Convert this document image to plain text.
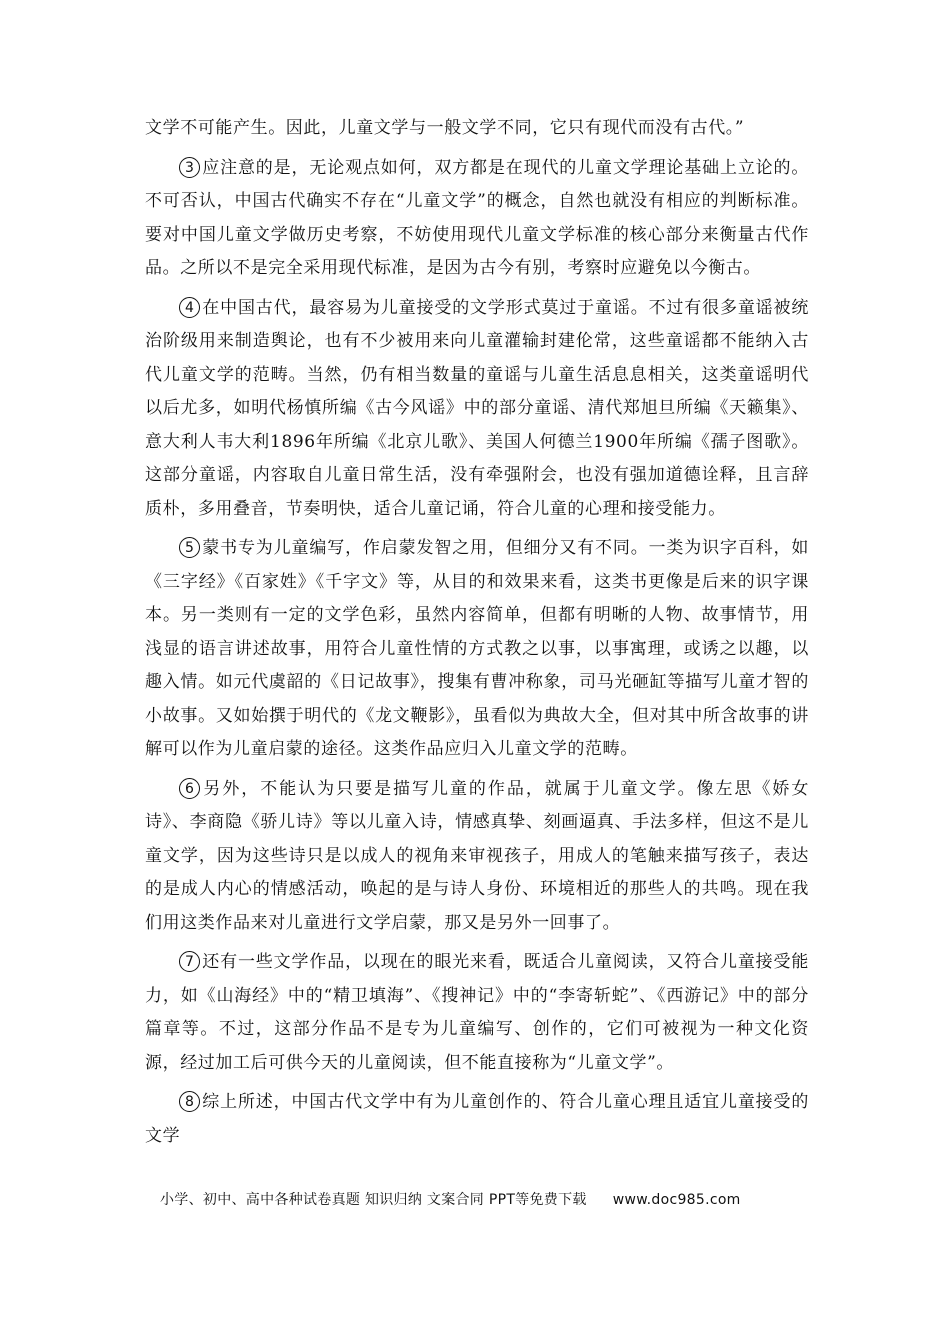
文学不可能产生。因此，儿童文学与一般文学不同，它只有现代而没有古代。”

3 应注意的是，无论观点如何，双方都是在现代的儿童文学理论基础上立论的。不可否认，中国古代确实不存在“儿童文学”的概念，自然也就没有相应的判断标准。要对中国儿童文学做历史考察，不妨使用现代儿童文学标准的核心部分来衡量古代作品。之所以不是完全采用现代标准，是因为古今有别，考察时应避免以今衡古。

4 在中国古代，最容易为儿童接受的文学形式莫过于童谣。不过有很多童谣被统治阶级用来制造舆论，也有不少被用来向儿童灌输封建伦常，这些童谣都不能纳入古代儿童文学的范畴。当然，仍有相当数量的童谣与儿童生活息息相关，这类童谣明代以后尤多，如明代杨慎所编《古今风谣》中的部分童谣、清代郑旭旦所编《天籁集》、意大利人韦大利1896年所编《北京儿歌》、美国人何德兰1900年所编《孺子图歌》。这部分童谣，内容取自儿童日常生活，没有牵强附会，也没有强加道德诠释，且言辞质朴，多用叠音，节奏明快，适合儿童记诵，符合儿童的心理和接受能力。

5 蒙书专为儿童编写，作启蒙发智之用，但细分又有不同。一类为识字百科，如《三字经》《百家姓》《千字文》等，从目的和效果来看，这类书更像是后来的识字课本。另一类则有一定的文学色彩，虽然内容简单，但都有明晰的人物、故事情节，用浅显的语言讲述故事，用符合儿童性情的方式教之以事，以事寓理，或诱之以趣，以趣入情。如元代虞韶的《日记故事》，搜集有曹冲称象，司马光砸缸等描写儿童才智的小故事。又如始撰于明代的《龙文鞭影》，虽看似为典故大全，但对其中所含故事的讲解可以作为儿童启蒙的途径。这类作品应归入儿童文学的范畴。

6 另外，不能认为只要是描写儿童的作品，就属于儿童文学。像左思《娇女诗》、李商隐《骄儿诗》等以儿童入诗，情感真挚、刻画逼真、手法多样，但这不是儿童文学，因为这些诗只是以成人的视角来审视孩子，用成人的笔触来描写孩子，表达的是成人内心的情感活动，唤起的是与诗人身份、环境相近的那些人的共鸣。现在我们用这类作品来对儿童进行文学启蒙，那又是另外一回事了。

7 还有一些文学作品，以现在的眼光来看，既适合儿童阅读，又符合儿童接受能力，如《山海经》中的“精卫填海”、《搜神记》中的“李寄斩蛇”、《西游记》中的部分篇章等。不过，这部分作品不是专为儿童编写、创作的，它们可被视为一种文化资源，经过加工后可供今天的儿童阅读，但不能直接称为“儿童文学”。

8 综上所述，中国古代文学中有为儿童创作的、符合儿童心理且适宜儿童接受的文学

小学、初中、高中各种试卷真题 知识归纳 文案合同 PPT等免费下载 www.doc985.com
